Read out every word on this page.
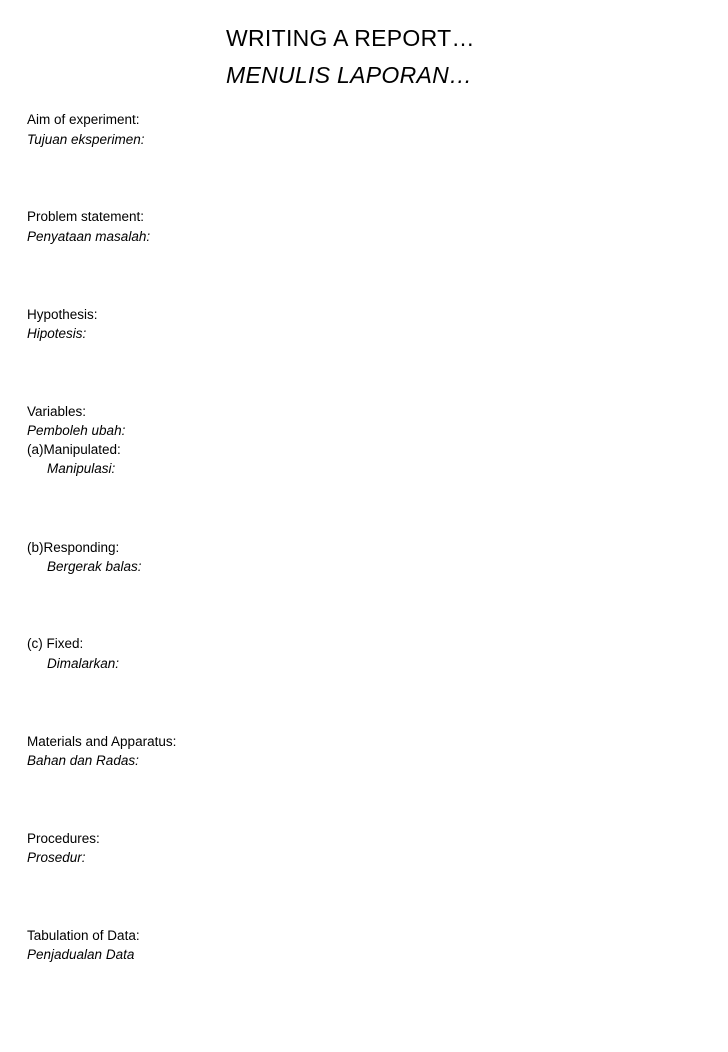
WRITING A REPORT…
MENULIS LAPORAN…
Aim of experiment:
Tujuan eksperimen:
Problem statement:
Penyataan masalah:
Hypothesis:
Hipotesis:
Variables:
Pemboleh ubah:
(a)Manipulated:
Manipulasi:
(b)Responding:
Bergerak balas:
(c) Fixed:
Dimalarkan:
Materials and Apparatus:
Bahan dan Radas:
Procedures:
Prosedur:
Tabulation of Data:
Penjadualan Data
